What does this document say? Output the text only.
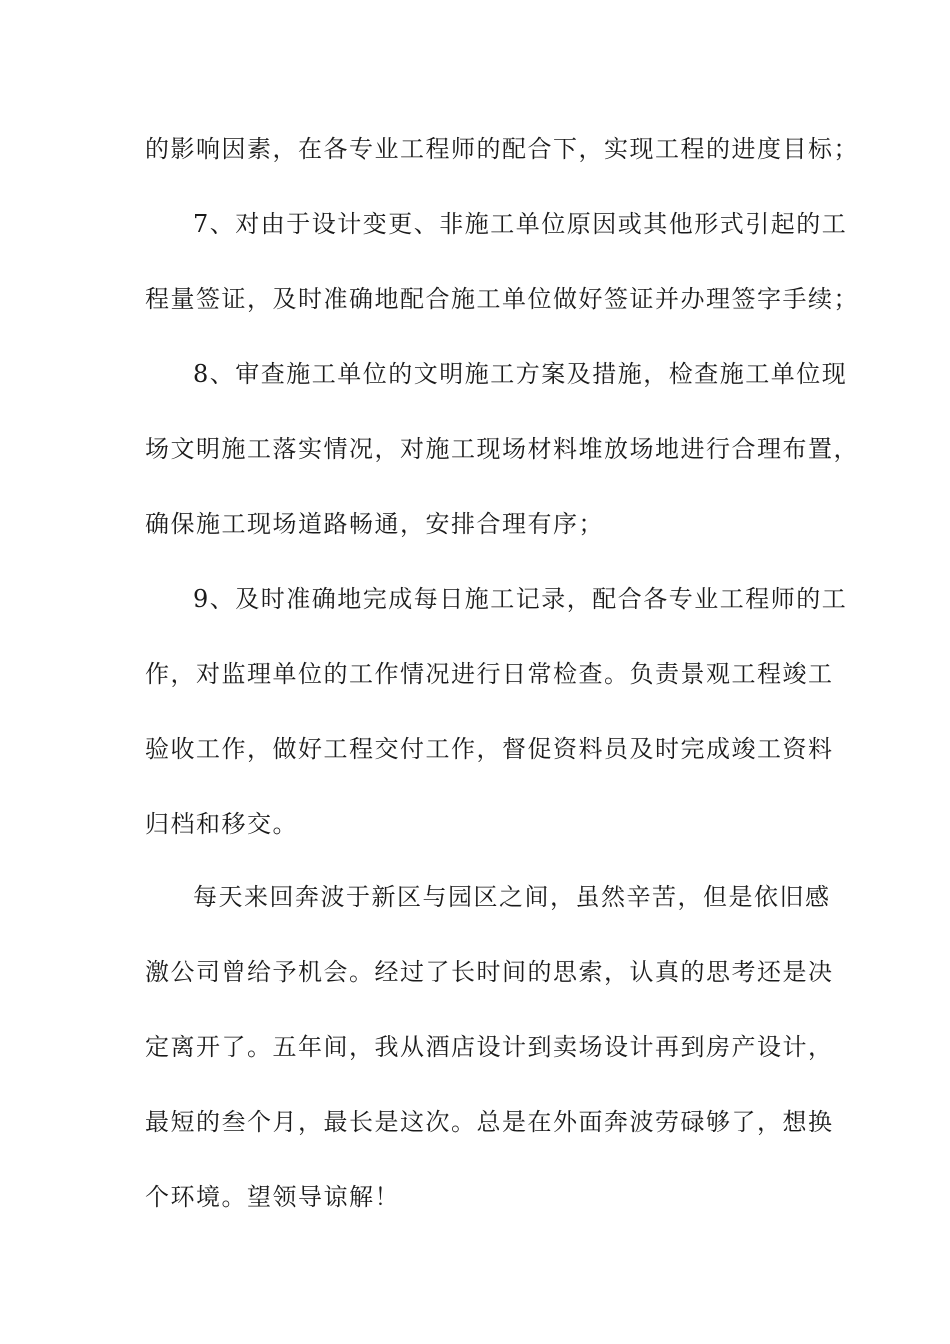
的影响因素，在各专业工程师的配合下，实现工程的进度目标；
7、对由于设计变更、非施工单位原因或其他形式引起的工
程量签证，及时准确地配合施工单位做好签证并办理签字手续；
8、审查施工单位的文明施工方案及措施，检查施工单位现
场文明施工落实情况，对施工现场材料堆放场地进行合理布置，
确保施工现场道路畅通，安排合理有序；
9、及时准确地完成每日施工记录，配合各专业工程师的工
作，对监理单位的工作情况进行日常检查。负责景观工程竣工
验收工作，做好工程交付工作，督促资料员及时完成竣工资料
归档和移交。
每天来回奔波于新区与园区之间，虽然辛苦，但是依旧感
激公司曾给予机会。经过了长时间的思索，认真的思考还是决
定离开了。五年间，我从酒店设计到卖场设计再到房产设计，
最短的叁个月，最长是这次。总是在外面奔波劳碌够了，想换
个环境。望领导谅解！
